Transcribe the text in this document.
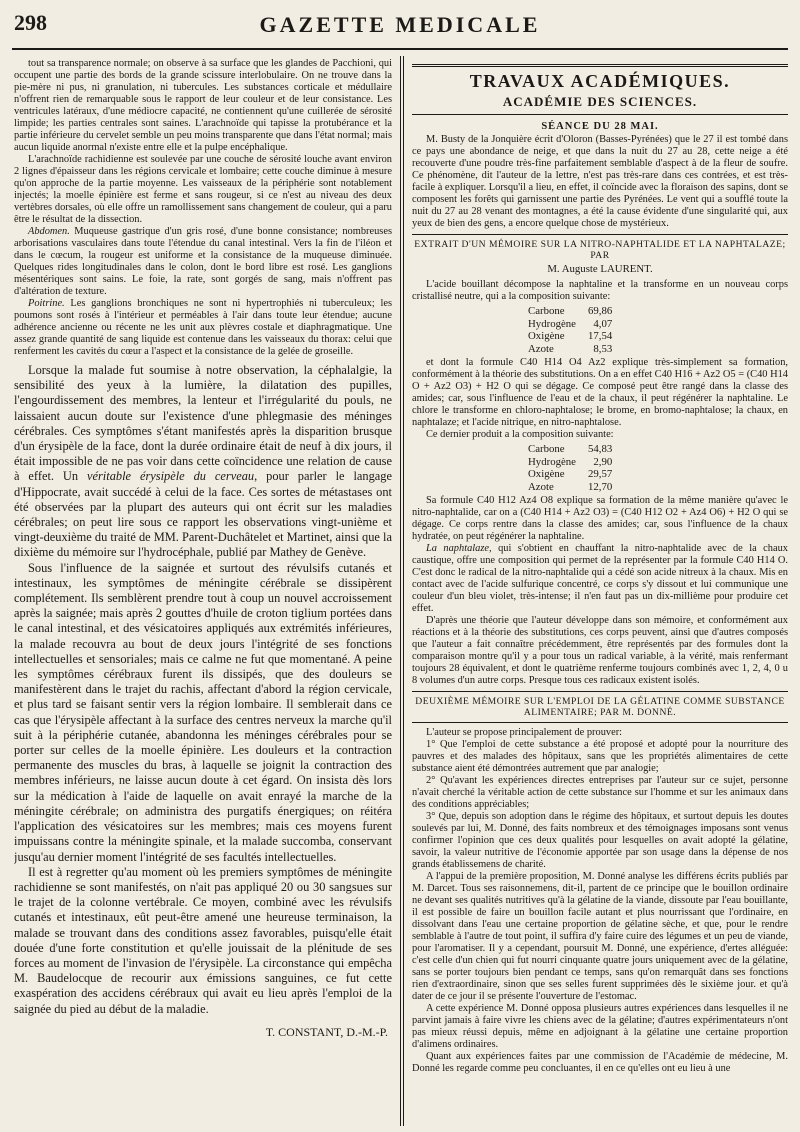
298	GAZETTE MEDICALE

tout sa transparence normale; on observe à sa surface que les glandes de Pacchioni, qui occupent une partie des bords de la grande scissure interlobulaire. On ne trouve dans la pie-mère ni pus, ni granulation, ni tubercules. Les substances corticale et médullaire n'offrent rien de remarquable sous le rapport de leur couleur et de leur consistance. Les ventricules latéraux, d'une médiocre capacité, ne contiennent qu'une cuillerée de sérosité limpide; les parties centrales sont saines. L'arachnoïde qui tapisse la protubérance et la partie inférieure du cervelet semble un peu moins transparente que dans l'état normal; mais aucun liquide anormal n'existe entre elle et la pulpe encéphalique.

L'arachnoïde rachidienne est soulevée par une couche de sérosité louche avant environ 2 lignes d'épaisseur dans les régions cervicale et lombaire; cette couche diminue à mesure qu'on approche de la partie moyenne. Les vaisseaux de la périphérie sont notablement injectés; la moelle épinière est ferme et sans rougeur, si ce n'est au niveau des deux vertèbres dorsales, où elle offre un ramollissement sans changement de couleur, qui a paru être le résultat de la dissection.

Abdomen. Muqueuse gastrique d'un gris rosé, d'une bonne consistance; nombreuses arborisations vasculaires dans toute l'étendue du canal intestinal. Vers la fin de l'iléon et dans le cœcum, la rougeur est uniforme et la consistance de la muqueuse diminuée. Quelques rides longitudinales dans le colon, dont le bord libre est rosé. Les ganglions mésentériques sont sains. Le foie, la rate, sont gorgés de sang, mais n'offrent pas d'altération de texture.

Poitrine. Les ganglions bronchiques ne sont ni hypertrophiés ni tuberculeux; les poumons sont rosés à l'intérieur et perméables à l'air dans toute leur étendue; aucune adhérence ancienne ou récente ne les unit aux plèvres costale et diaphragmatique. Une assez grande quantité de sang liquide est contenue dans les vaisseaux du thorax: celui que renferment les cavités du cœur a l'aspect et la consistance de la gelée de groseille.

Lorsque la malade fut soumise à notre observation, la céphalalgie, la sensibilité des yeux à la lumière, la dilatation des pupilles, l'engourdissement des membres, la lenteur et l'irrégularité du pouls, ne laissaient aucun doute sur l'existence d'une phlegmasie des méninges cérébrales. Ces symptômes s'étant manifestés après la disparition brusque d'un érysipèle de la face, dont la durée ordinaire était de neuf à dix jours, il était impossible de ne pas voir dans cette coïncidence une relation de cause à effet. Un véritable érysipèle du cerveau, pour parler le langage d'Hippocrate, avait succédé à celui de la face. Ces sortes de métastases ont été observées par la plupart des auteurs qui ont écrit sur les maladies cérébrales; on peut lire sous ce rapport les observations vingt-unième et vingt-deuxième du traité de MM. Parent-Duchâtelet et Martinet, ainsi que la dixième du mémoire sur l'hydrocéphale, publié par Mathey de Genève.

Sous l'influence de la saignée et surtout des révulsifs cutanés et intestinaux, les symptômes de méningite cérébrale se dissipèrent complétement. Ils semblèrent prendre tout à coup un nouvel accroissement après la saignée; mais après 2 gouttes d'huile de croton tiglium portées dans le canal intestinal, et des vésicatoires appliqués aux extrémités inférieures, la malade recouvra au bout de deux jours l'intégrité de ses fonctions intellectuelles et sensoriales; mais ce calme ne fut que momentané. A peine les symptômes cérébraux furent ils dissipés, que des douleurs se manifestèrent dans le trajet du rachis, affectant d'abord la région cervicale, et plus tard se faisant sentir vers la région lombaire. Il semblerait dans ce cas que l'érysipèle affectant à la surface des centres nerveux la marche qu'il suit à la périphérie cutanée, abandonna les méninges cérébrales pour se porter sur celles de la moelle épinière. Les douleurs et la contraction permanente des muscles du bras, à laquelle se joignit la contraction des membres inférieurs, ne laisse aucun doute à cet égard. On insista dès lors sur la médication à l'aide de laquelle on avait enrayé la marche de la méningite cérébrale; on administra des purgatifs énergiques; on réitéra l'application des vésicatoires sur les membres; mais ces moyens furent impuissans contre la méningite spinale, et la malade succomba, conservant jusqu'au dernier moment l'intégrité de ses facultés intellectuelles.

Il est à regretter qu'au moment où les premiers symptômes de méningite rachidienne se sont manifestés, on n'ait pas appliqué 20 ou 30 sangsues sur le trajet de la colonne vertébrale. Ce moyen, combiné avec les révulsifs cutanés et intestinaux, eût peut-être amené une heureuse terminaison, la malade se trouvant dans des conditions assez favorables, puisqu'elle était douée d'une forte constitution et qu'elle jouissait de la plénitude de ses forces au moment de l'invasion de l'érysipèle. La circonstance qui empêcha M. Baudelocque de recourir aux émissions sanguines, ce fut cette exaspération des accidens cérébraux qui avait eu lieu après l'emploi de la saignée du pied au début de la maladie.

T. CONSTANT, D.-M.-P.
TRAVAUX ACADÉMIQUES.
ACADÉMIE DES SCIENCES.
SÉANCE DU 28 MAI.

M. Busty de la Jonquière écrit d'Oloron (Basses-Pyrénées) que le 27 il est tombé dans ce pays une abondance de neige, et que dans la nuit du 27 au 28, cette neige a été recouverte d'une poudre très-fine parfaitement semblable d'aspect à de la fleur de soufre. Ce phénomène, dit l'auteur de la lettre, n'est pas très-rare dans ces contrées, et est très-facile à expliquer. Lorsqu'il a lieu, en effet, il coïncide avec la floraison des sapins, dont se composent les forêts qui garnissent une partie des Pyrénées. Le vent qui a soufflé toute la nuit du 27 au 28 venant des montagnes, a été la cause évidente d'une singularité qui, aux yeux de bien des gens, a encore quelque chose de mystérieux.

EXTRAIT D'UN MÉMOIRE SUR LA NITRO-NAPHTALIDE ET LA NAPHTALAZE; PAR
M. Auguste LAURENT.

L'acide bouillant décompose la naphtaline et la transforme en un nouveau corps cristallisé neutre, qui a la composition suivante:

Carbone	69,86
Hydrogène	4,07
Oxigène	17,54
Azote	8,53

et dont la formule C40 H14 O4 Az2 explique très-simplement sa formation, conformément à la théorie des substitutions. On a en effet C40 H16 + Az2 O5 = (C40 H14 O + Az2 O3) + H2 O qui se dégage. Ce composé peut être rangé dans la classe des amides; car, sous l'influence de l'eau et de la chaux, il peut régénérer la naphtaline. Le chlore le transforme en chloro-naphtalose; le brome, en bromo-naphtalose; la chaux, en naphtalaze; et l'acide nitrique, en nitro-naphtalose.

Ce dernier produit a la composition suivante:

Carbone	54,83
Hydrogène	2,90
Oxigène	29,57
Azote	12,70

Sa formule C40 H12 Az4 O8 explique sa formation de la même manière qu'avec le nitro-naphtalide, car on a (C40 H14 + Az2 O3) = (C40 H12 O2 + Az4 O6) + H2 O qui se dégage. Ce corps rentre dans la classe des amides; car, sous l'influence de la chaux hydratée, on peut régénérer la naphtaline.

La naphtalaze, qui s'obtient en chauffant la nitro-naphtalide avec de la chaux caustique, offre une composition qui permet de la représenter par la formule C40 H14 O. C'est donc le radical de la nitro-naphtalide qui a cédé son acide nitreux à la chaux. Mis en contact avec de l'acide sulfurique concentré, ce corps s'y dissout et lui communique une couleur d'un bleu violet, très-intense; il n'en faut pas un dix-millième pour produire cet effet.

D'après une théorie que l'auteur développe dans son mémoire, et conformément aux réactions et à la théorie des substitutions, ces corps peuvent, ainsi que d'autres composés que l'auteur a fait connaître précédemment, être représentés par des formules dont la comparaison montre qu'il y a pour tous un radical variable, à la vérité, mais renfermant toujours 28 équivalent, et dont le quatrième renferme toujours combinés avec 1, 2, 4, 0 u 8 volumes d'un autre corps. Presque tous ces radicaux existent isolés.

DEUXIÈME MÉMOIRE SUR L'EMPLOI DE LA GÉLATINE COMME SUBSTANCE ALIMENTAIRE; PAR M. DONNÉ.

L'auteur se propose principalement de prouver:

1° Que l'emploi de cette substance a été proposé et adopté pour la nourriture des pauvres et des malades des hôpitaux, sans que les propriétés alimentaires de cette substance aient été démontrées autrement que par analogie;

2° Qu'avant les expériences directes entreprises par l'auteur sur ce sujet, personne n'avait cherché la véritable action de cette substance sur l'homme et sur les animaux dans des conditions appréciables;

3° Que, depuis son adoption dans le régime des hôpitaux, et surtout depuis les doutes soulevés par lui, M. Donné, des faits nombreux et des témoignages imposans sont venus confirmer l'opinion que ces deux qualités pour lesquelles on avait adopté la gélatine, savoir, la valeur nutritive de l'économie apportée par son usage dans la dépense de nos grands établissemens de charité.

A l'appui de la première proposition, M. Donné analyse les différens écrits publiés par M. Darcet. Tous ses raisonnemens, dit-il, partent de ce principe que le bouillon ordinaire ne devant ses qualités nutritives qu'à la gélatine de la viande, dissoute par l'eau bouillante, il est possible de faire un bouillon facile autant et plus nourrissant que l'ordinaire, en dissolvant dans l'eau une certaine proportion de gélatine sèche, et que, pour le rendre semblable à l'autre de tout point, il suffira d'y faire cuire des légumes et un peu de viande, pour l'aromatiser. Il y a cependant, poursuit M. Donné, une expérience, d'ertes alléguée: c'est celle d'un chien qui fut nourri cinquante quatre jours uniquement avec de la gélatine, sans se porter toujours bien pendant ce temps, sans qu'on remarquât dans ses fonctions rien d'extraordinaire, sinon que ses selles furent supprimées dès le sixième jour. et qu'à dater de ce jour il se présente l'ouverture de l'estomac.

A cette expérience M. Donné opposa plusieurs autres expériences dans lesquelles il ne parvint jamais à faire vivre les chiens avec de la gélatine; d'autres expérimentateurs n'ont pas mieux réussi depuis, même en adjoignant à la gélatine une certaine proportion d'alimens ordinaires.

Quant aux expériences faites par une commission de l'Académie de médecine, M. Donné les regarde comme peu concluantes, il en ce qu'elles ont eu lieu à une
